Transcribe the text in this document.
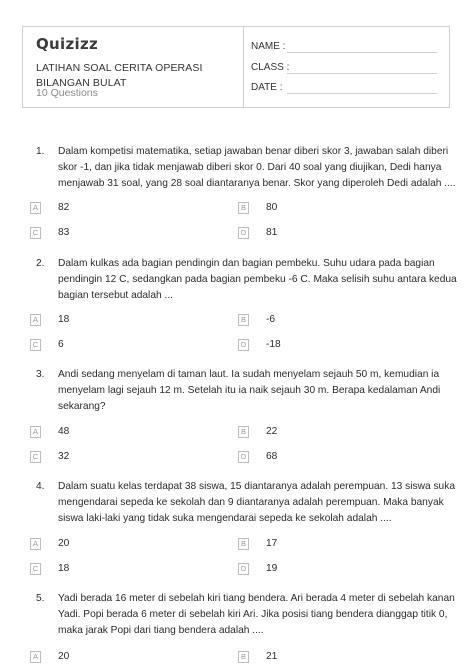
Quizizz
LATIHAN SOAL CERITA OPERASI BILANGAN BULAT
10 Questions
NAME :
CLASS :
DATE :
1. Dalam kompetisi matematika, setiap jawaban benar diberi skor 3, jawaban salah diberi skor -1, dan jika tidak menjawab diberi skor 0. Dari 40 soal yang diujikan, Dedi hanya menjawab 31 soal, yang 28 soal diantaranya benar. Skor yang diperoleh Dedi adalah ....
A 82	B 80
C 83	D 81
2. Dalam kulkas ada bagian pendingin dan bagian pembeku. Suhu udara pada bagian pendingin 12 C, sedangkan pada bagian pembeku -6 C. Maka selisih suhu antara kedua bagian tersebut adalah ...
A 18	B -6
C 6	D -18
3. Andi sedang menyelam di taman laut. Ia sudah menyelam sejauh 50 m, kemudian ia menyelam lagi sejauh 12 m. Setelah itu ia naik sejauh 30 m. Berapa kedalaman Andi sekarang?
A 48	B 22
C 32	D 68
4. Dalam suatu kelas terdapat 38 siswa, 15 diantaranya adalah perempuan. 13 siswa suka mengendarai sepeda ke sekolah dan 9 diantaranya adalah perempuan. Maka banyak siswa laki-laki yang tidak suka mengendarai sepeda ke sekolah adalah ....
A 20	B 17
C 18	D 19
5. Yadi berada 16 meter di sebelah kiri tiang bendera. Ari berada 4 meter di sebelah kanan Yadi. Popi berada 6 meter di sebelah kiri Ari. Jika posisi tiang bendera dianggap titik 0, maka jarak Popi dari tiang bendera adalah ....
A 20	B 21
